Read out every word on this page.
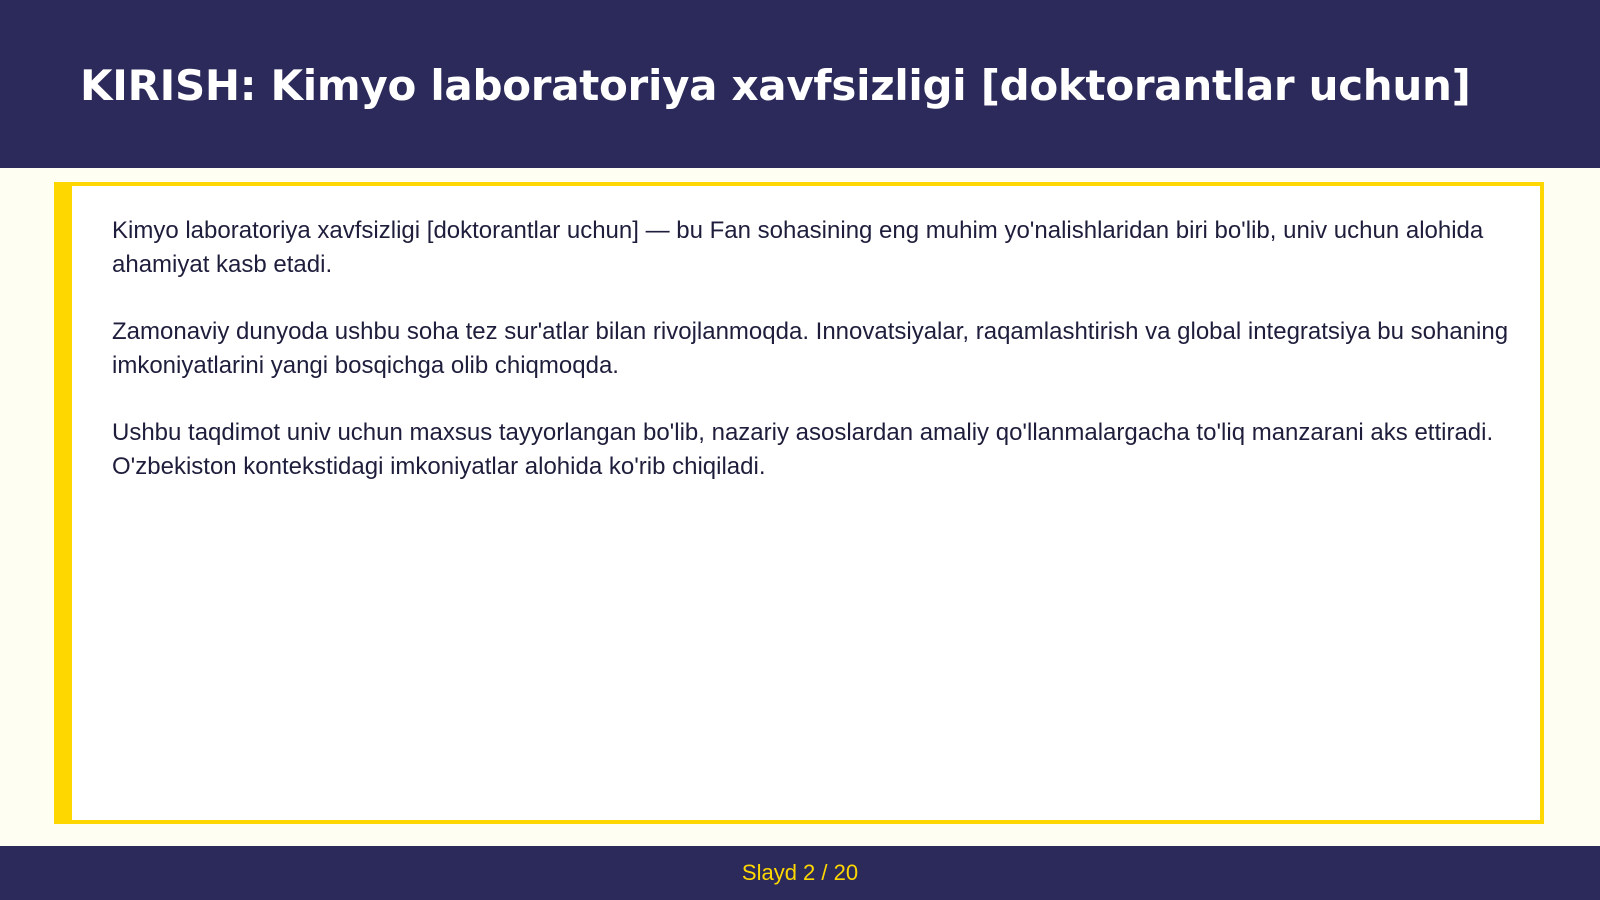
KIRISH: Kimyo laboratoriya xavfsizligi [doktorantlar uchun]

Kimyo laboratoriya xavfsizligi [doktorantlar uchun] — bu Fan sohasining eng muhim yo'nalishlaridan biri bo'lib, univ uchun alohida ahamiyat kasb etadi.

Zamonaviy dunyoda ushbu soha tez sur'atlar bilan rivojlanmoqda. Innovatsiyalar, raqamlashtirish va global integratsiya bu sohaning imkoniyatlarini yangi bosqichga olib chiqmoqda.

Ushbu taqdimot univ uchun maxsus tayyorlangan bo'lib, nazariy asoslardan amaliy qo'llanmalargacha to'liq manzarani aks ettiradi. O'zbekiston kontekstidagi imkoniyatlar alohida ko'rib chiqiladi.

Slayd 2 / 20
